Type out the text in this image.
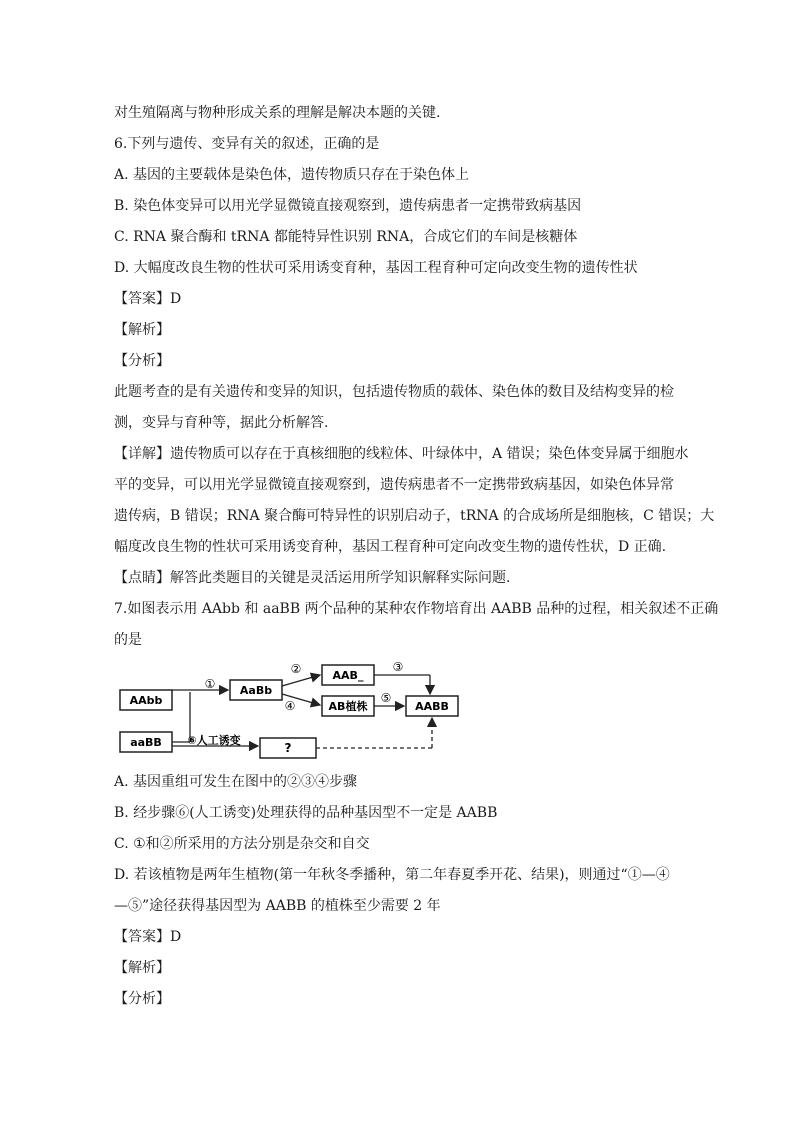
对生殖隔离与物种形成关系的理解是解决本题的关键.
6.下列与遗传、变异有关的叙述，正确的是
A. 基因的主要载体是染色体，遗传物质只存在于染色体上
B. 染色体变异可以用光学显微镜直接观察到，遗传病患者一定携带致病基因
C. RNA 聚合酶和 tRNA 都能特异性识别 RNA，合成它们的车间是核糖体
D. 大幅度改良生物的性状可采用诱变育种，基因工程育种可定向改变生物的遗传性状
【答案】D
【解析】
【分析】
此题考查的是有关遗传和变异的知识，包括遗传物质的载体、染色体的数目及结构变异的检
测，变异与育种等，据此分析解答.
【详解】遗传物质可以存在于真核细胞的线粒体、叶绿体中，A 错误；染色体变异属于细胞水
平的变异，可以用光学显微镜直接观察到，遗传病患者不一定携带致病基因，如染色体异常
遗传病，B 错误；RNA 聚合酶可特异性的识别启动子，tRNA 的合成场所是细胞核，C 错误；大
幅度改良生物的性状可采用诱变育种，基因工程育种可定向改变生物的遗传性状，D 正确.
【点睛】解答此类题目的关键是灵活运用所学知识解释实际问题.
7.如图表示用 AAbb 和 aaBB 两个品种的某种农作物培育出 AABB 品种的过程，相关叙述不正确
的是
AAbb
AaBb
AAB_
AB植株	AABB
aaBB	?
①
②
④
③
⑤
⑥人工诱变
A. 基因重组可发生在图中的②③④步骤
B. 经步骤⑥(人工诱变)处理获得的品种基因型不一定是 AABB
C. ①和②所采用的方法分别是杂交和自交
D. 若该植物是两年生植物(第一年秋冬季播种，第二年春夏季开花、结果)，则通过“①—④
—⑤”途径获得基因型为 AABB 的植株至少需要 2 年
【答案】D
【解析】
【分析】
